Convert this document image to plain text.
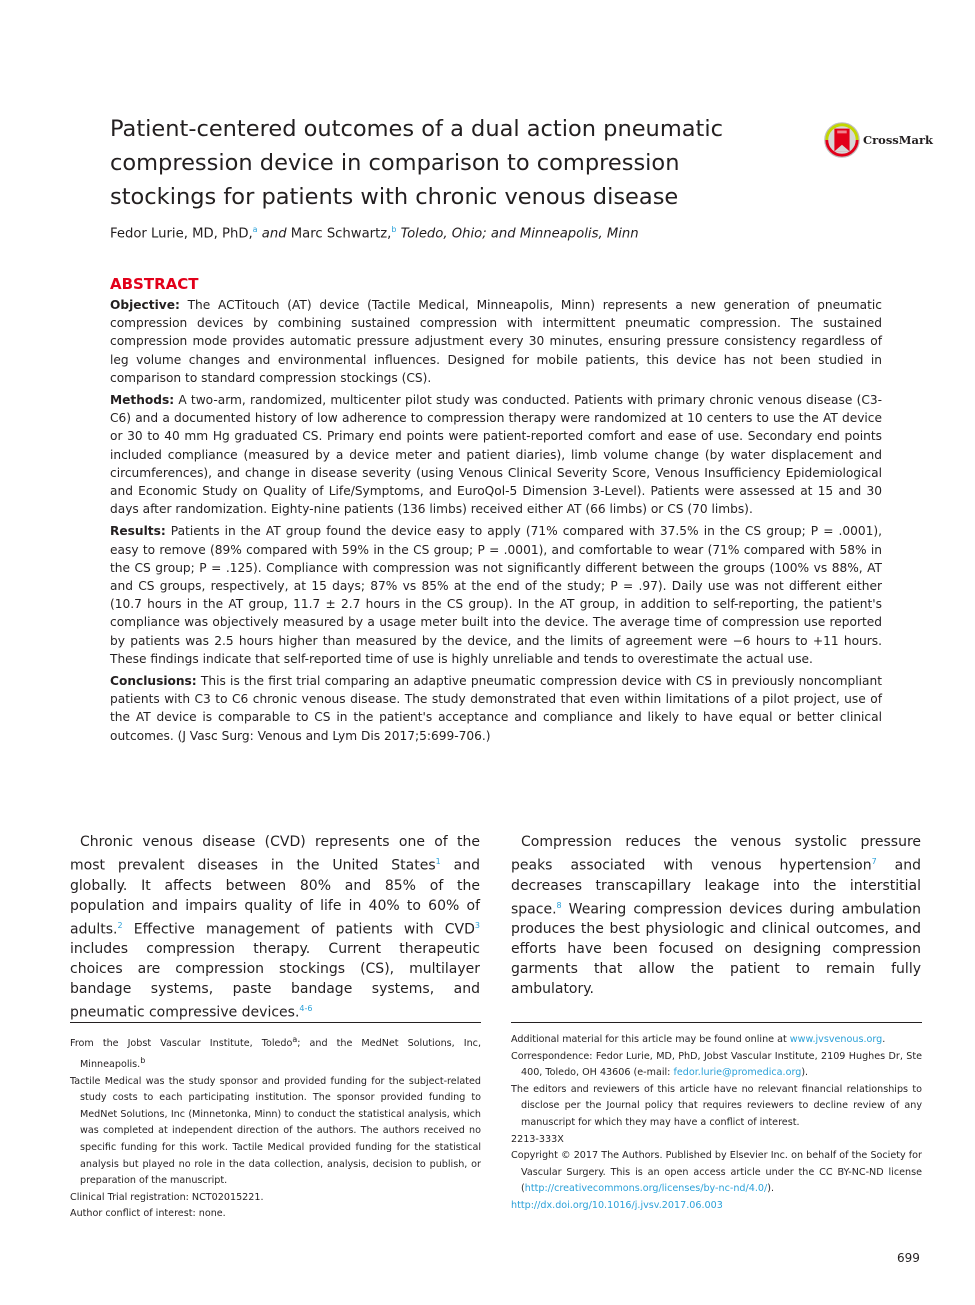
Patient-centered outcomes of a dual action pneumatic compression device in comparison to compression stockings for patients with chronic venous disease
CrossMark
Fedor Lurie, MD, PhD,$^a$ and Marc Schwartz,$^b$ Toledo, Ohio; and Minneapolis, Minn
ABSTRACT

Objective: The ACTitouch (AT) device (Tactile Medical, Minneapolis, Minn) represents a new generation of pneumatic compression devices by combining sustained compression with intermittent pneumatic compression. The sustained compression mode provides automatic pressure adjustment every 30 minutes, ensuring pressure consistency regardless of leg volume changes and environmental influences. Designed for mobile patients, this device has not been studied in comparison to standard compression stockings (CS).

Methods: A two-arm, randomized, multicenter pilot study was conducted. Patients with primary chronic venous disease (C3-C6) and a documented history of low adherence to compression therapy were randomized at 10 centers to use the AT device or 30 to 40 mm Hg graduated CS. Primary end points were patient-reported comfort and ease of use. Secondary end points included compliance (measured by a device meter and patient diaries), limb volume change (by water displacement and circumferences), and change in disease severity (using Venous Clinical Severity Score, Venous Insufficiency Epidemiological and Economic Study on Quality of Life/Symptoms, and EuroQol-5 Dimension 3-Level). Patients were assessed at 15 and 30 days after randomization. Eighty-nine patients (136 limbs) received either AT (66 limbs) or CS (70 limbs).

Results: Patients in the AT group found the device easy to apply (71% compared with 37.5% in the CS group; P = .0001), easy to remove (89% compared with 59% in the CS group; P = .0001), and comfortable to wear (71% compared with 58% in the CS group; P = .125). Compliance with compression was not significantly different between the groups (100% vs 88%, AT and CS groups, respectively, at 15 days; 87% vs 85% at the end of the study; P = .97). Daily use was not different either (10.7 hours in the AT group, 11.7 ± 2.7 hours in the CS group). In the AT group, in addition to self-reporting, the patient's compliance was objectively measured by a usage meter built into the device. The average time of compression use reported by patients was 2.5 hours higher than measured by the device, and the limits of agreement were −6 hours to +11 hours. These findings indicate that self-reported time of use is highly unreliable and tends to overestimate the actual use.

Conclusions: This is the first trial comparing an adaptive pneumatic compression device with CS in previously noncompliant patients with C3 to C6 chronic venous disease. The study demonstrated that even within limitations of a pilot project, use of the AT device is comparable to CS in the patient's acceptance and compliance and likely to have equal or better clinical outcomes. (J Vasc Surg: Venous and Lym Dis 2017;5:699-706.)

Chronic venous disease (CVD) represents one of the most prevalent diseases in the United States$^1$ and globally. It affects between 80% and 85% of the population and impairs quality of life in 40% to 60% of adults.$^2$ Effective management of patients with CVD$^3$ includes compression therapy. Current therapeutic choices are compression stockings (CS), multilayer bandage systems, paste bandage systems, and pneumatic compressive devices.$^{4-6}$

Compression reduces the venous systolic pressure peaks associated with venous hypertension$^7$ and decreases transcapillary leakage into the interstitial space.$^8$ Wearing compression devices during ambulation produces the best physiologic and clinical outcomes, and efforts have been focused on designing compression garments that allow the patient to remain fully ambulatory.

From the Jobst Vascular Institute, Toledo$^a$; and the MedNet Solutions, Inc, Minneapolis.$^b$

Tactile Medical was the study sponsor and provided funding for the subject-related study costs to each participating institution. The sponsor provided funding to MedNet Solutions, Inc (Minnetonka, Minn) to conduct the statistical analysis, which was completed at independent direction of the authors. The authors received no specific funding for this work. Tactile Medical provided funding for the statistical analysis but played no role in the data collection, analysis, decision to publish, or preparation of the manuscript.

Clinical Trial registration: NCT02015221.

Author conflict of interest: none.

Additional material for this article may be found online at www.jvsvenous.org.

Correspondence: Fedor Lurie, MD, PhD, Jobst Vascular Institute, 2109 Hughes Dr, Ste 400, Toledo, OH 43606 (e-mail: fedor.lurie@promedica.org).

The editors and reviewers of this article have no relevant financial relationships to disclose per the Journal policy that requires reviewers to decline review of any manuscript for which they may have a conflict of interest.

2213-333X

Copyright © 2017 The Authors. Published by Elsevier Inc. on behalf of the Society for Vascular Surgery. This is an open access article under the CC BY-NC-ND license (http://creativecommons.org/licenses/by-nc-nd/4.0/).

http://dx.doi.org/10.1016/j.jvsv.2017.06.003

699
